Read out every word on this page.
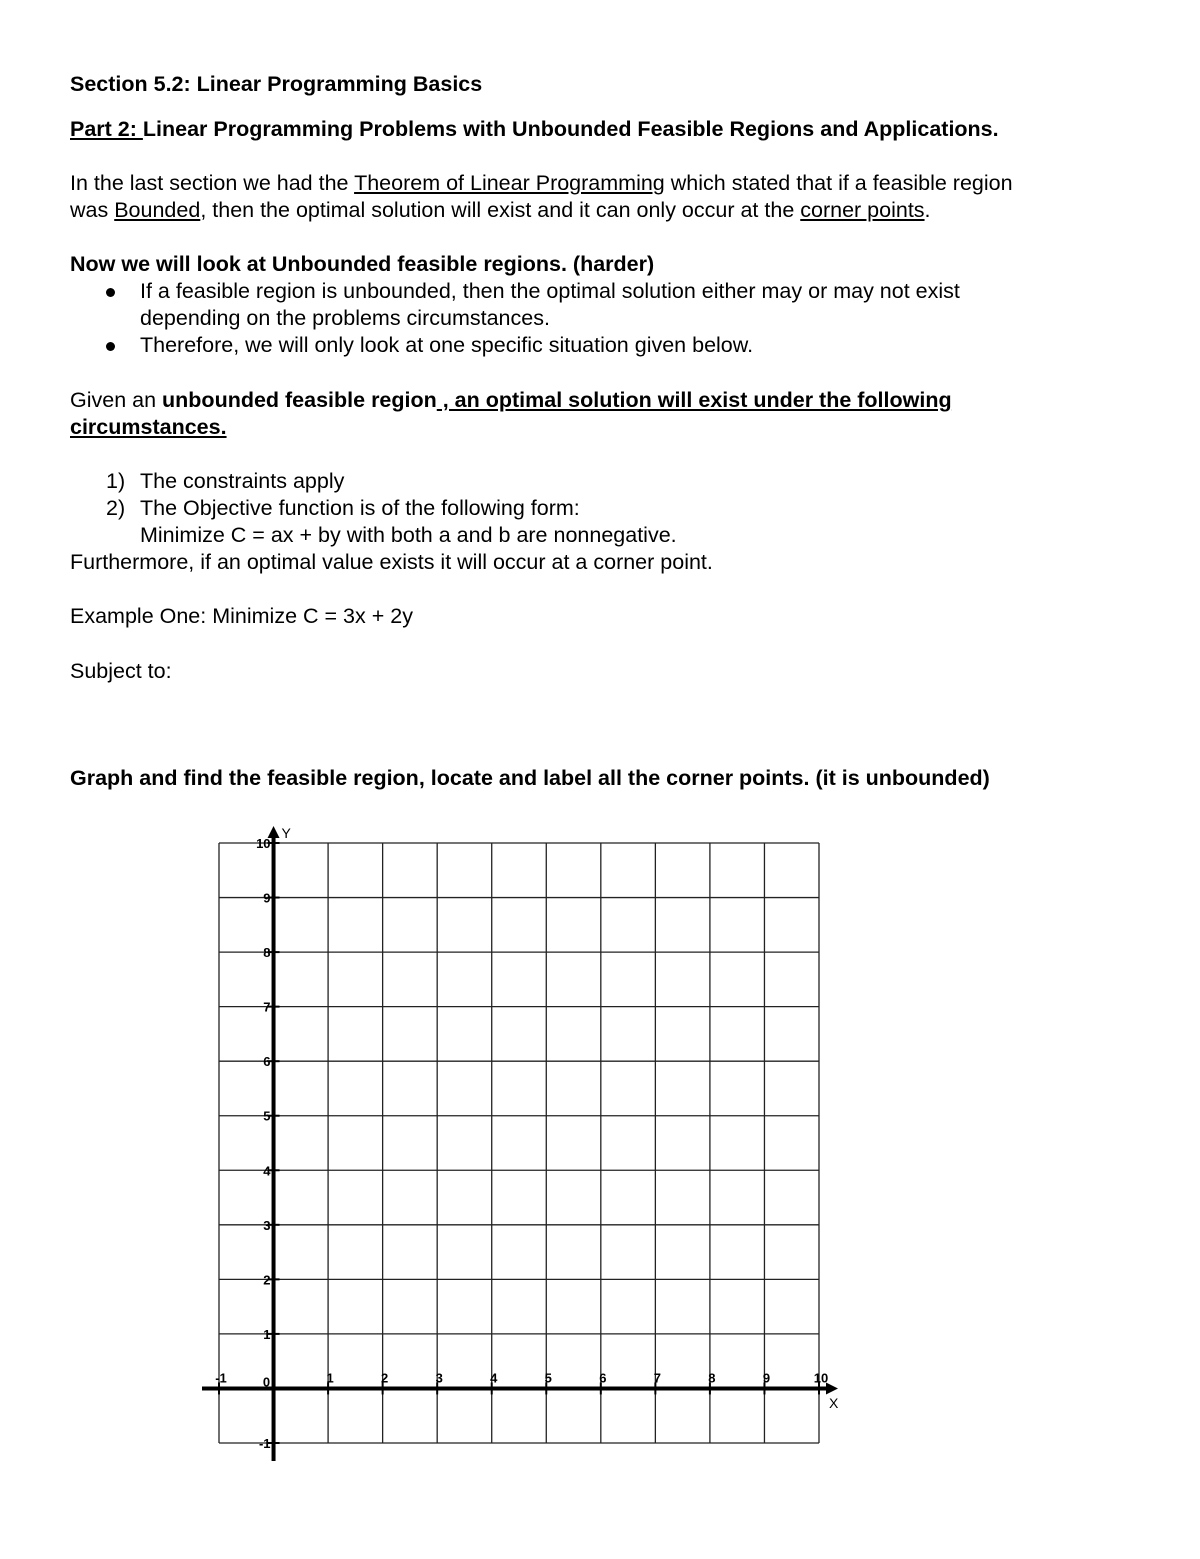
Section 5.2: Linear Programming Basics
Part 2: Linear Programming Problems with Unbounded Feasible Regions and Applications.
In the last section we had the Theorem of Linear Programming which stated that if a feasible region
was Bounded, then the optimal solution will exist and it can only occur at the corner points.
Now we will look at Unbounded feasible regions. (harder)
If a feasible region is unbounded, then the optimal solution either may or may not exist
depending on the problems circumstances.
Therefore, we will only look at one specific situation given below.
Given an unbounded feasible region , an optimal solution will exist under the following
circumstances.
1) The constraints apply
2) The Objective function is of the following form:
Minimize C = ax + by with both a and b are nonnegative.
Furthermore, if an optimal value exists it will occur at a corner point.
Example One: Minimize C = 3x + 2y
Subject to:
Graph and find the feasible region, locate and label all the corner points. (it is unbounded)
-1	0	1	2	3	4	5	6	7	8	9	10
-1
1
2
3
4
5
6
7
8
9
10
X
Y
